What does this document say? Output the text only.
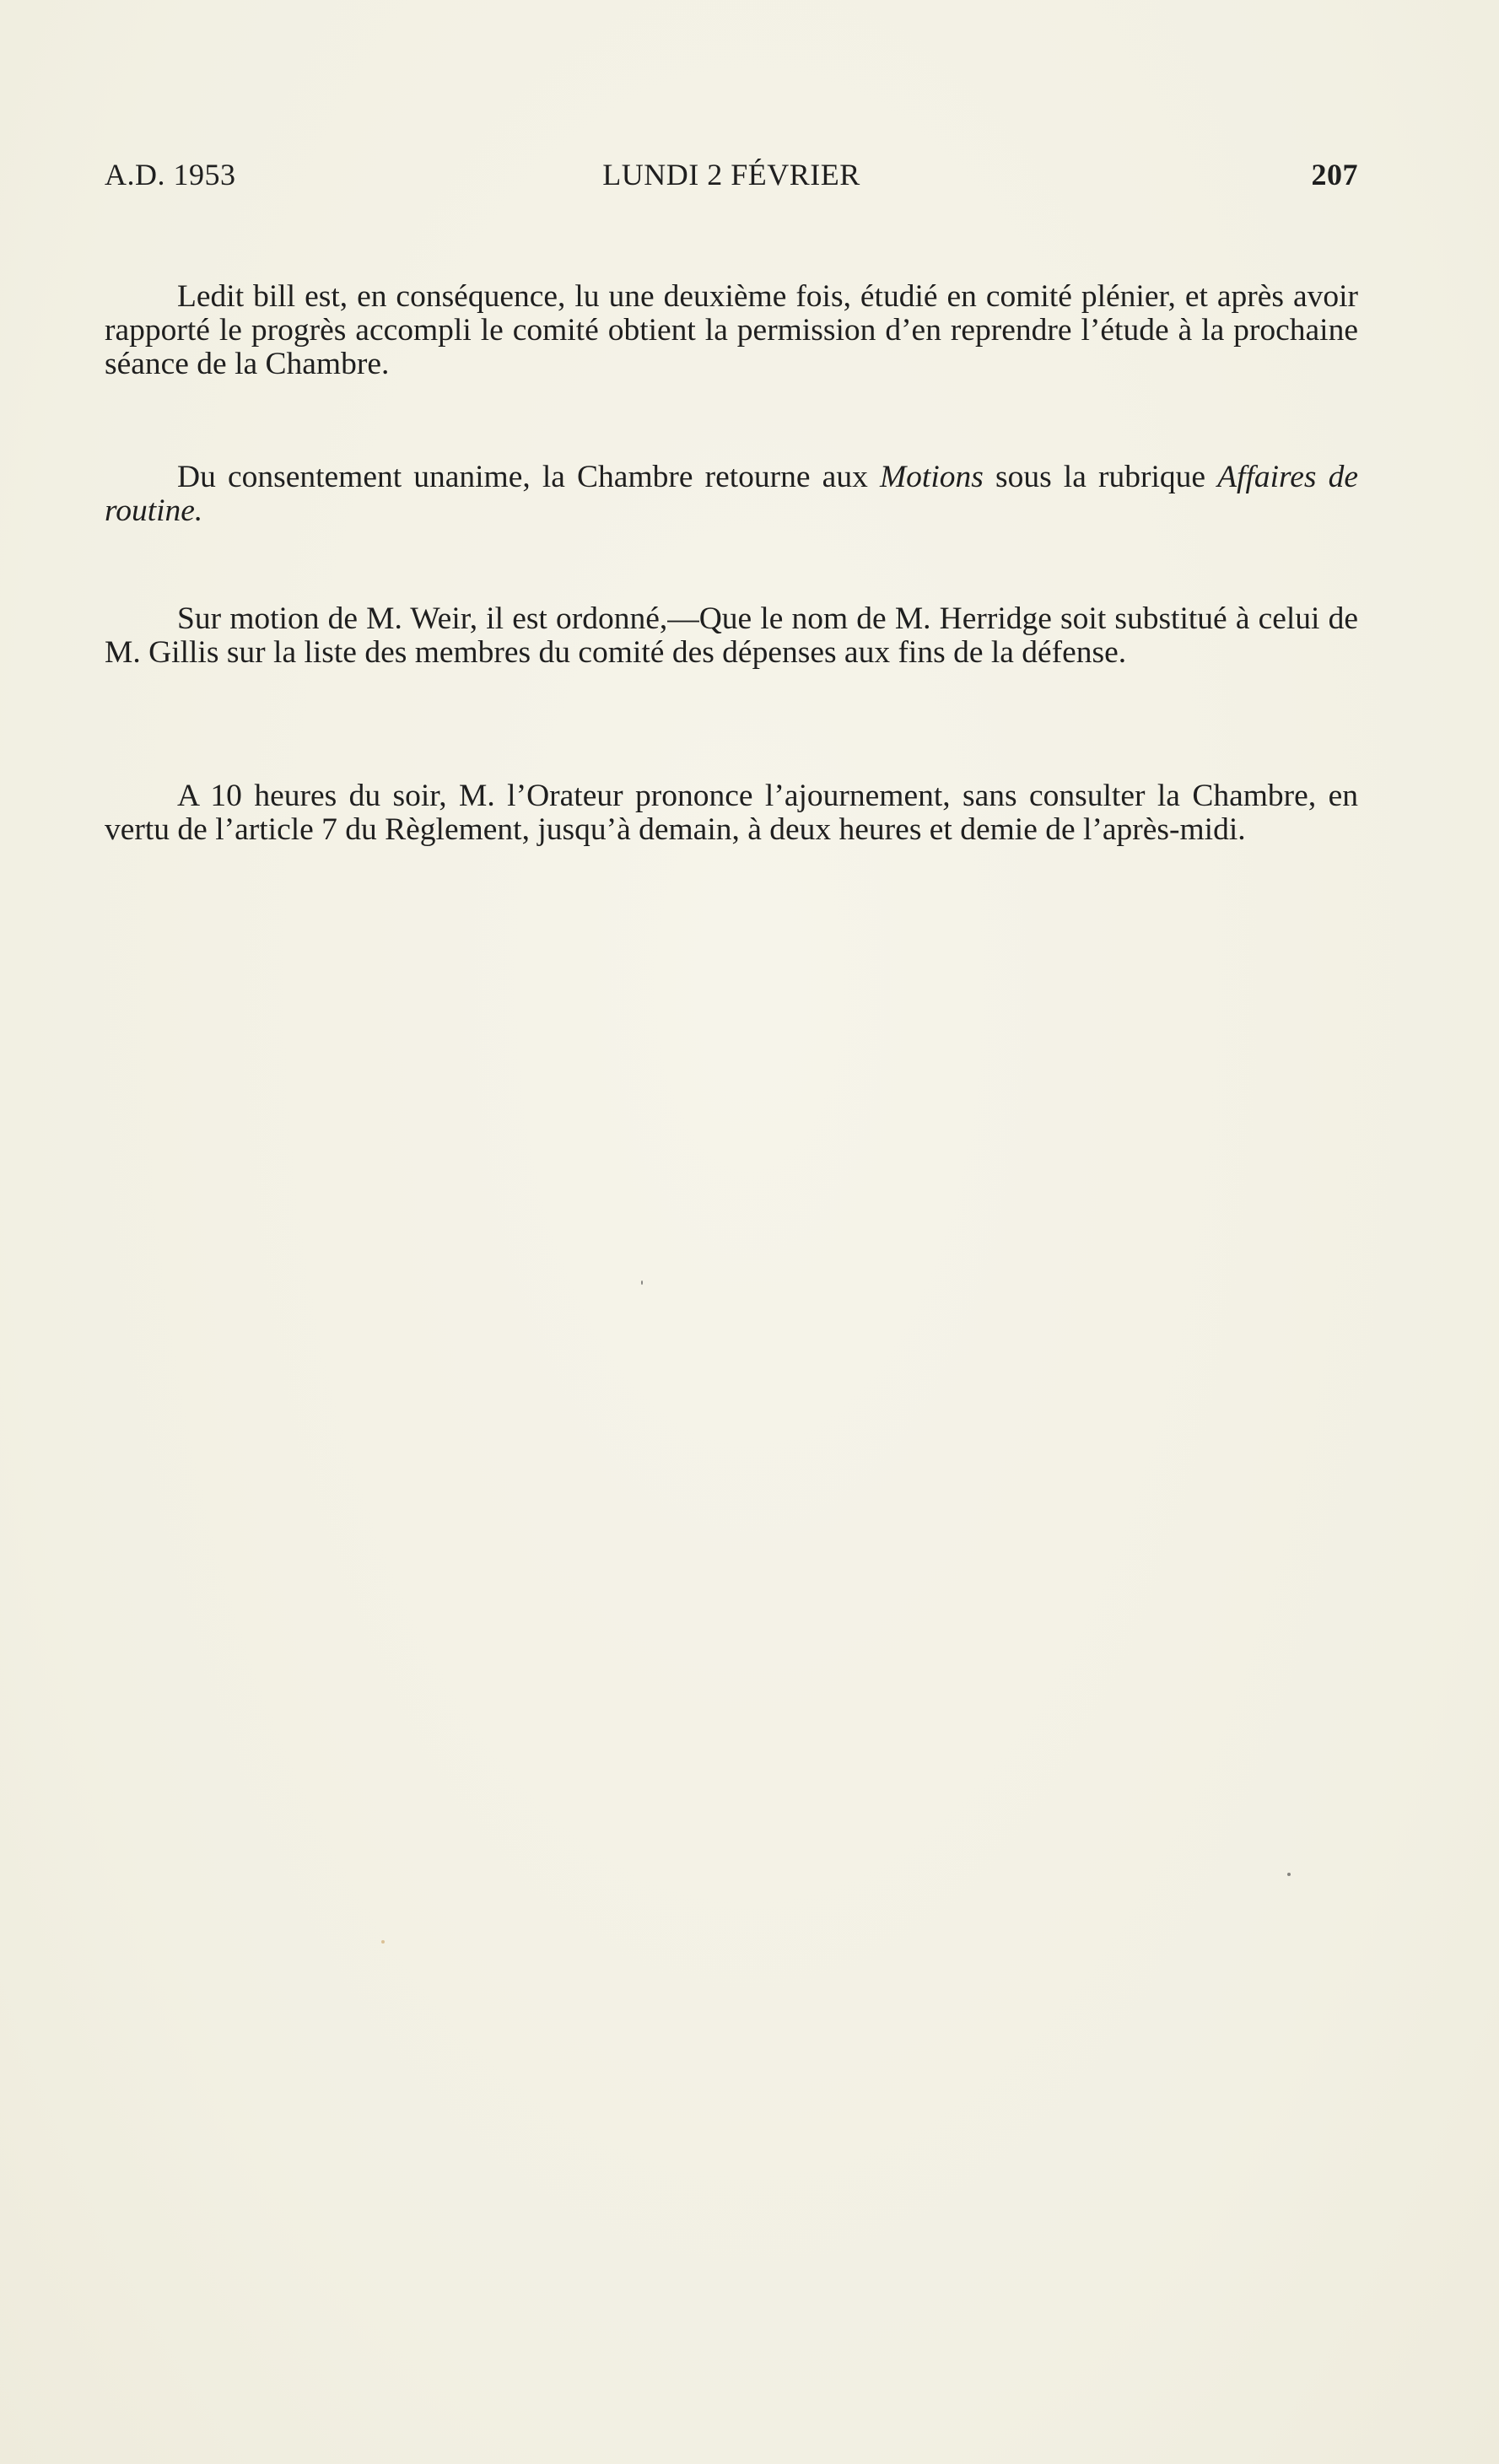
A.D. 1953	LUNDI 2 FÉVRIER	207

Ledit bill est, en conséquence, lu une deuxième fois, étudié en comité plénier, et après avoir rapporté le progrès accompli le comité obtient la permission d’en reprendre l’étude à la prochaine séance de la Chambre.

Du consentement unanime, la Chambre retourne aux Motions sous la rubrique Affaires de routine.

Sur motion de M. Weir, il est ordonné,—Que le nom de M. Herridge soit substitué à celui de M. Gillis sur la liste des membres du comité des dépenses aux fins de la défense.

A 10 heures du soir, M. l’Orateur prononce l’ajournement, sans consulter la Chambre, en vertu de l’article 7 du Règlement, jusqu’à demain, à deux heures et demie de l’après-midi.
